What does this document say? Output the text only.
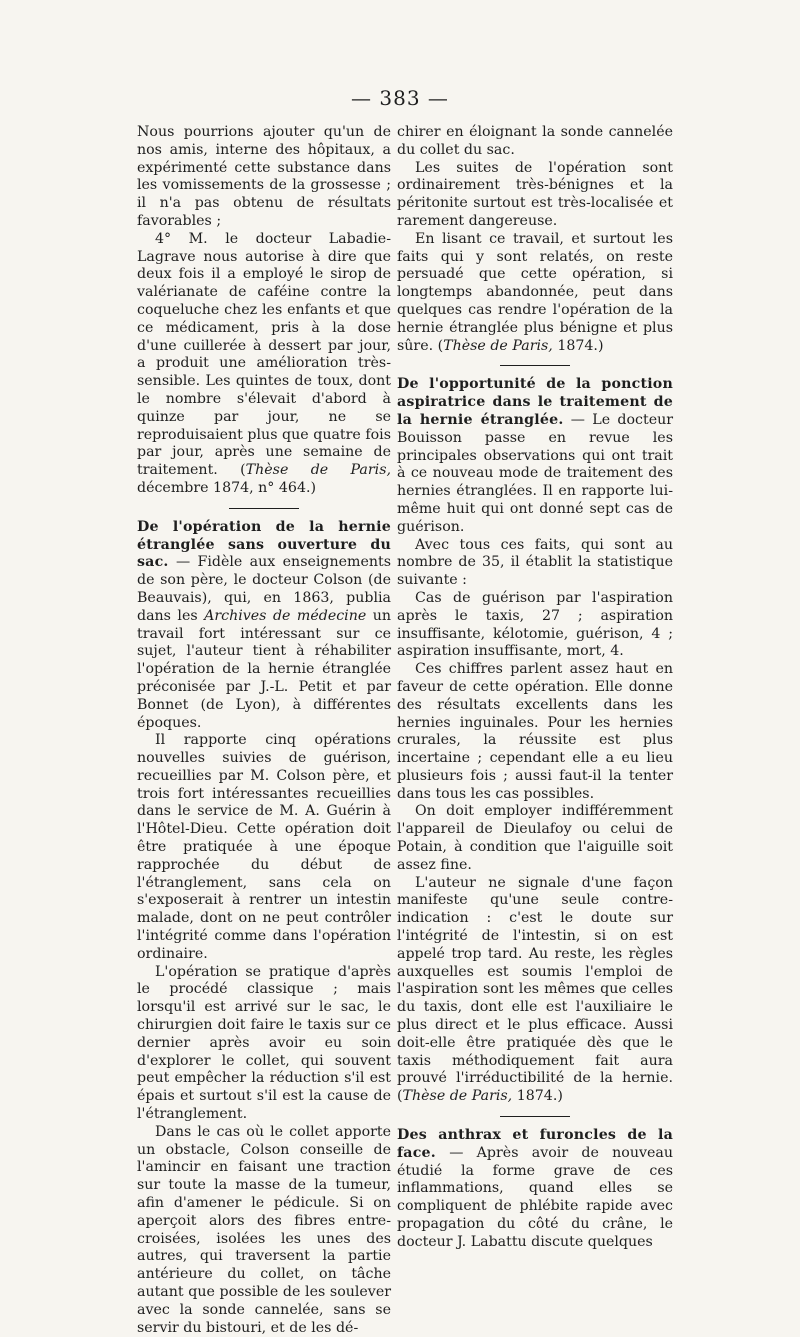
— 383 —

Nous pourrions ajouter qu'un de nos amis, interne des hôpitaux, a expérimenté cette substance dans les vomissements de la grossesse ; il n'a pas obtenu de résultats favorables ;

4° M. le docteur Labadie-Lagrave nous autorise à dire que deux fois il a employé le sirop de valérianate de caféine contre la coqueluche chez les enfants et que ce médicament, pris à la dose d'une cuillerée à dessert par jour, a produit une amélioration très-sensible. Les quintes de toux, dont le nombre s'élevait d'abord à quinze par jour, ne se reproduisaient plus que quatre fois par jour, après une semaine de traitement. (Thèse de Paris, décembre 1874, n° 464.)

De l'opération de la hernie étranglée sans ouverture du sac. — Fidèle aux enseignements de son père, le docteur Colson (de Beauvais), qui, en 1863, publia dans les Archives de médecine un travail fort intéressant sur ce sujet, l'auteur tient à réhabiliter l'opération de la hernie étranglée préconisée par J.-L. Petit et par Bonnet (de Lyon), à différentes époques.

Il rapporte cinq opérations nouvelles suivies de guérison, recueillies par M. Colson père, et trois fort intéressantes recueillies dans le service de M. A. Guérin à l'Hôtel-Dieu. Cette opération doit être pratiquée à une époque rapprochée du début de l'étranglement, sans cela on s'exposerait à rentrer un intestin malade, dont on ne peut contrôler l'intégrité comme dans l'opération ordinaire.

L'opération se pratique d'après le procédé classique ; mais lorsqu'il est arrivé sur le sac, le chirurgien doit faire le taxis sur ce dernier après avoir eu soin d'explorer le collet, qui souvent peut empêcher la réduction s'il est épais et surtout s'il est la cause de l'étranglement.

Dans le cas où le collet apporte un obstacle, Colson conseille de l'amincir en faisant une traction sur toute la masse de la tumeur, afin d'amener le pédicule. Si on aperçoit alors des fibres entre-croisées, isolées les unes des autres, qui traversent la partie antérieure du collet, on tâche autant que possible de les soulever avec la sonde cannelée, sans se servir du bistouri, et de les dé-

chirer en éloignant la sonde cannelée du collet du sac.

Les suites de l'opération sont ordinairement très-bénignes et la péritonite surtout est très-localisée et rarement dangereuse.

En lisant ce travail, et surtout les faits qui y sont relatés, on reste persuadé que cette opération, si longtemps abandonnée, peut dans quelques cas rendre l'opération de la hernie étranglée plus bénigne et plus sûre. (Thèse de Paris, 1874.)

De l'opportunité de la ponction aspiratrice dans le traitement de la hernie étranglée. — Le docteur Bouisson passe en revue les principales observations qui ont trait à ce nouveau mode de traitement des hernies étranglées. Il en rapporte lui-même huit qui ont donné sept cas de guérison.

Avec tous ces faits, qui sont au nombre de 35, il établit la statistique suivante :

Cas de guérison par l'aspiration après le taxis, 27 ; aspiration insuffisante, kélotomie, guérison, 4 ; aspiration insuffisante, mort, 4.

Ces chiffres parlent assez haut en faveur de cette opération. Elle donne des résultats excellents dans les hernies inguinales. Pour les hernies crurales, la réussite est plus incertaine ; cependant elle a eu lieu plusieurs fois ; aussi faut-il la tenter dans tous les cas possibles.

On doit employer indifféremment l'appareil de Dieulafoy ou celui de Potain, à condition que l'aiguille soit assez fine.

L'auteur ne signale d'une façon manifeste qu'une seule contre-indication : c'est le doute sur l'intégrité de l'intestin, si on est appelé trop tard. Au reste, les règles auxquelles est soumis l'emploi de l'aspiration sont les mêmes que celles du taxis, dont elle est l'auxiliaire le plus direct et le plus efficace. Aussi doit-elle être pratiquée dès que le taxis méthodiquement fait aura prouvé l'irréductibilité de la hernie. (Thèse de Paris, 1874.)

Des anthrax et furoncles de la face. — Après avoir de nouveau étudié la forme grave de ces inflammations, quand elles se compliquent de phlébite rapide avec propagation du côté du crâne, le docteur J. Labattu discute quelques
